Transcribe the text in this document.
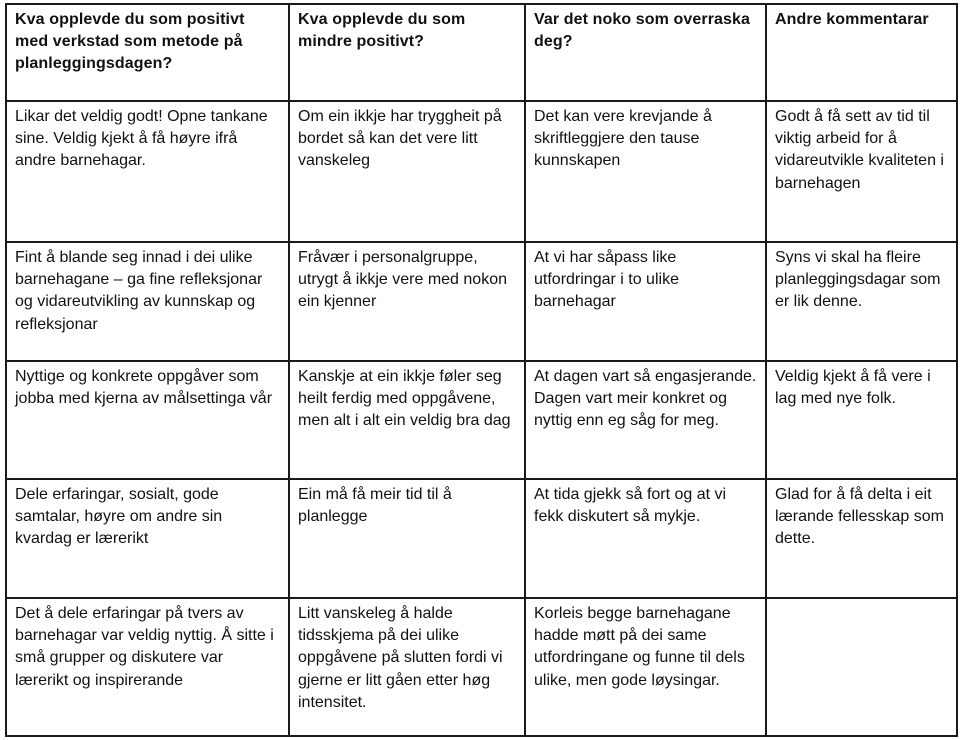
Kva opplevde du som positivt med verkstad som metode på planleggingsdagen?	Kva opplevde du som mindre positivt?	Var det noko som overraska deg?	Andre kommentarar

Likar det veldig godt! Opne tankane sine. Veldig kjekt å få høyre ifrå andre barnehagar.	Om ein ikkje har tryggheit på bordet så kan det vere litt vanskeleg	Det kan vere krevjande å skriftleggjere den tause kunnskapen	Godt å få sett av tid til viktig arbeid for å vidareutvikle kvaliteten i barnehagen

Fint å blande seg innad i dei ulike barnehagane – ga fine refleksjonar og vidareutvikling av kunnskap og refleksjonar	Fråvær i personalgruppe, utrygt å ikkje vere med nokon ein kjenner	At vi har såpass like utfordringar i to ulike barnehagar	Syns vi skal ha fleire planleggingsdagar som er lik denne.

Nyttige og konkrete oppgåver som jobba med kjerna av målsettinga vår	Kanskje at ein ikkje føler seg heilt ferdig med oppgåvene, men alt i alt ein veldig bra dag	At dagen vart så engasjerande. Dagen vart meir konkret og nyttig enn eg såg for meg.	Veldig kjekt å få vere i lag med nye folk.

Dele erfaringar, sosialt, gode samtalar, høyre om andre sin kvardag er lærerikt	Ein må få meir tid til å planlegge	At tida gjekk så fort og at vi fekk diskutert så mykje.	Glad for å få delta i eit lærande fellesskap som dette.

Det å dele erfaringar på tvers av barnehagar var veldig nyttig. Å sitte i små grupper og diskutere var lærerikt og inspirerande	Litt vanskeleg å halde tidsskjema på dei ulike oppgåvene på slutten fordi vi gjerne er litt gåen etter høg intensitet.	Korleis begge barnehagane hadde møtt på dei same utfordringane og funne til dels ulike, men gode løysingar.	
